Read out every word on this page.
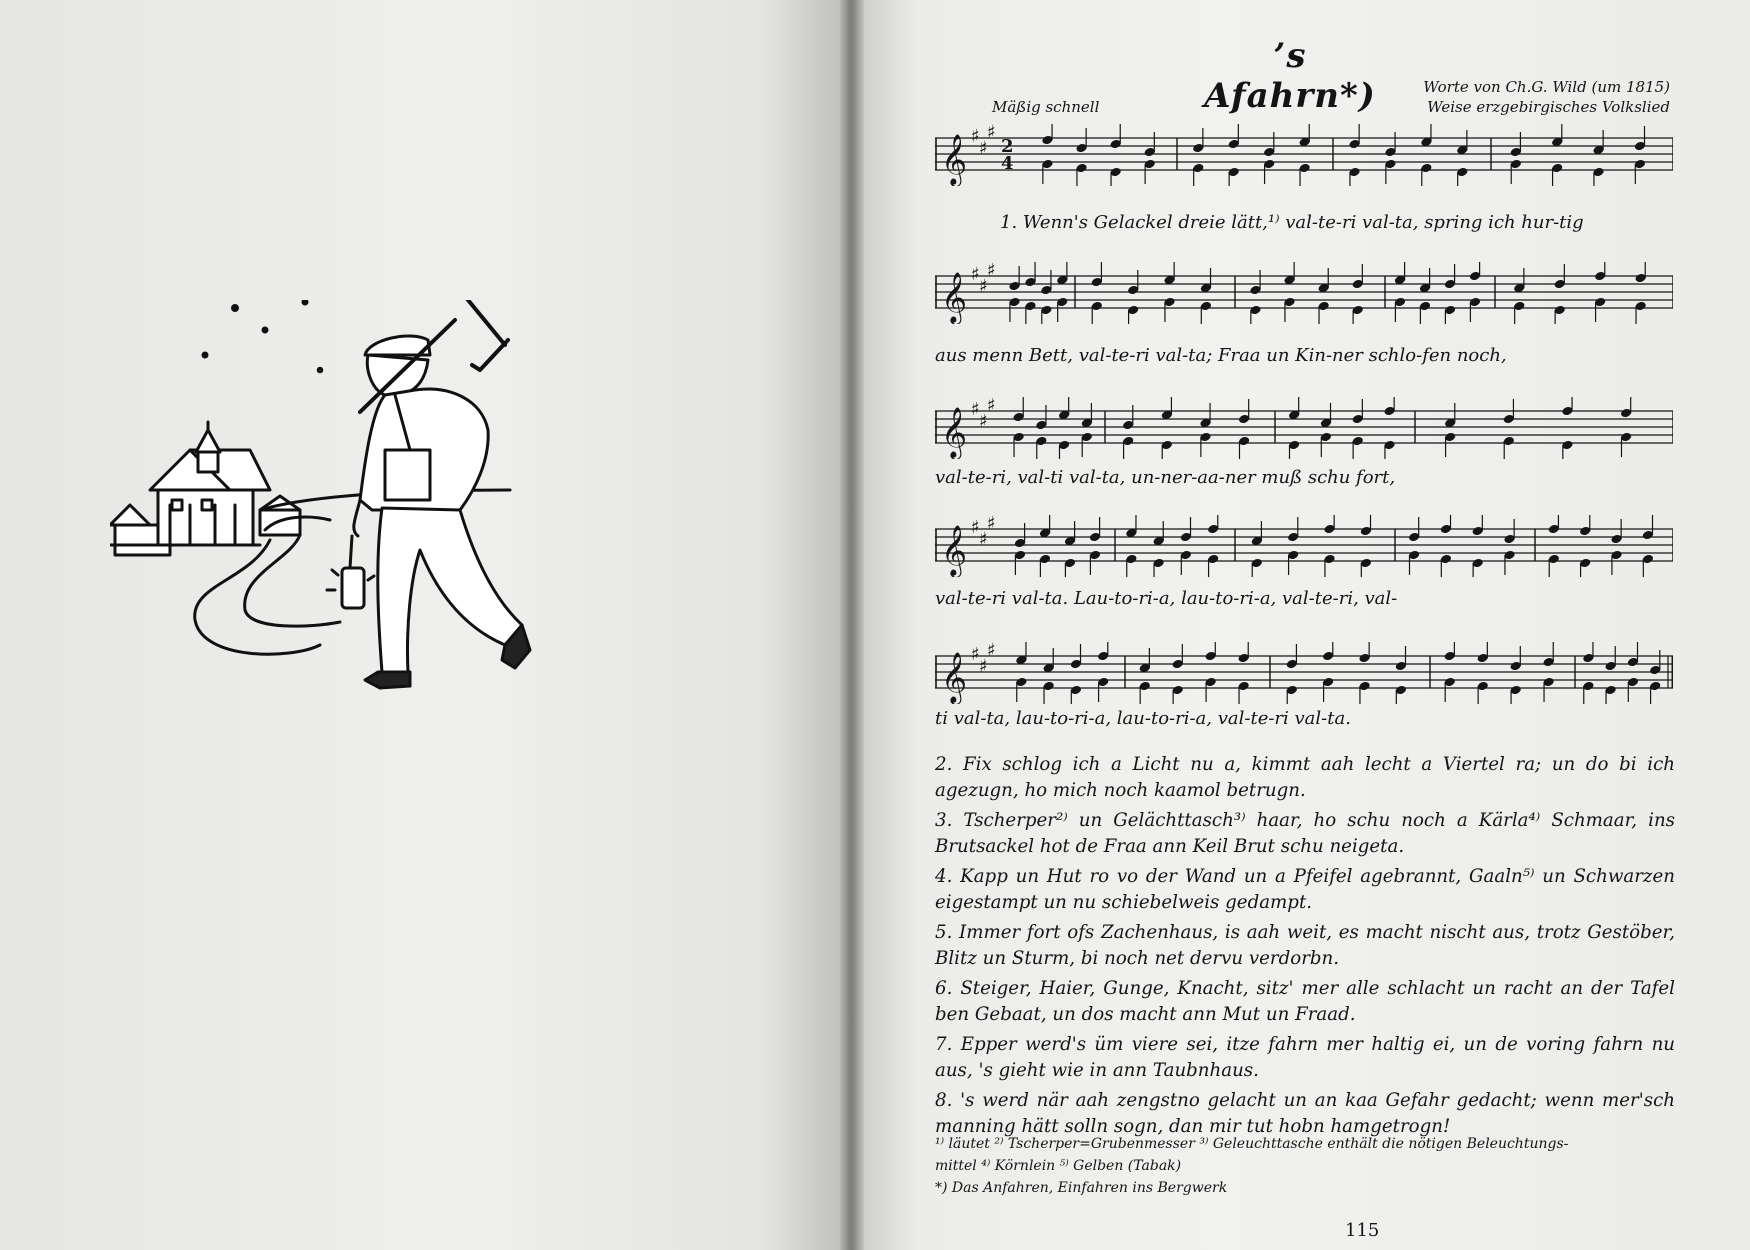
’s Afahrn*)	Worte von Ch.G. Wild (um 1815)
Weise erzgebirgisches Volkslied
Mäßig schnell
𝄞 ♯
♯
♯
2
4
𝄞 ♯
♯
♯
𝄞 ♯
♯
♯
𝄞 ♯
♯
♯
𝄞 ♯
♯
♯
1. Wenn's Gelackel dreie lätt,¹⁾ val-te-ri val-ta, spring ich hur-tig
aus menn Bett, val-te-ri val-ta; Fraa un Kin-ner schlo-fen noch,
val-te-ri, val-ti val-ta, un-ner-aa-ner muß schu fort,
val-te-ri val-ta. Lau-to-ri-a, lau-to-ri-a, val-te-ri, val-
ti val-ta, lau-to-ri-a, lau-to-ri-a, val-te-ri val-ta.

2. Fix schlog ich a Licht nu a, kimmt aah lecht a Viertel ra; un do bi ich agezugn, ho mich noch kaamol betrugn.

3. Tscherper²⁾ un Gelächttasch³⁾ haar, ho schu noch a Kärla⁴⁾ Schmaar, ins Brutsackel hot de Fraa ann Keil Brut schu neigeta.

4. Kapp un Hut ro vo der Wand un a Pfeifel agebrannt, Gaaln⁵⁾ un Schwarzen eigestampt un nu schiebelweis gedampt.

5. Immer fort ofs Zachenhaus, is aah weit, es macht nischt aus, trotz Gestöber, Blitz un Sturm, bi noch net dervu verdorbn.

6. Steiger, Haier, Gunge, Knacht, sitz' mer alle schlacht un racht an der Tafel ben Gebaat, un dos macht ann Mut un Fraad.

7. Epper werd's üm viere sei, itze fahrn mer haltig ei, un de voring fahrn nu aus, 's gieht wie in ann Taubnhaus.

8. 's werd när aah zengstno gelacht un an kaa Gefahr gedacht; wenn mer'sch manning hätt solln sogn, dan mir tut hobn hamgetrogn!

¹⁾ läutet ²⁾ Tscherper=Grubenmesser ³⁾ Geleuchttasche enthält die nötigen Beleuchtungs-
mittel ⁴⁾ Körnlein ⁵⁾ Gelben (Tabak)
*) Das Anfahren, Einfahren ins Bergwerk
115
